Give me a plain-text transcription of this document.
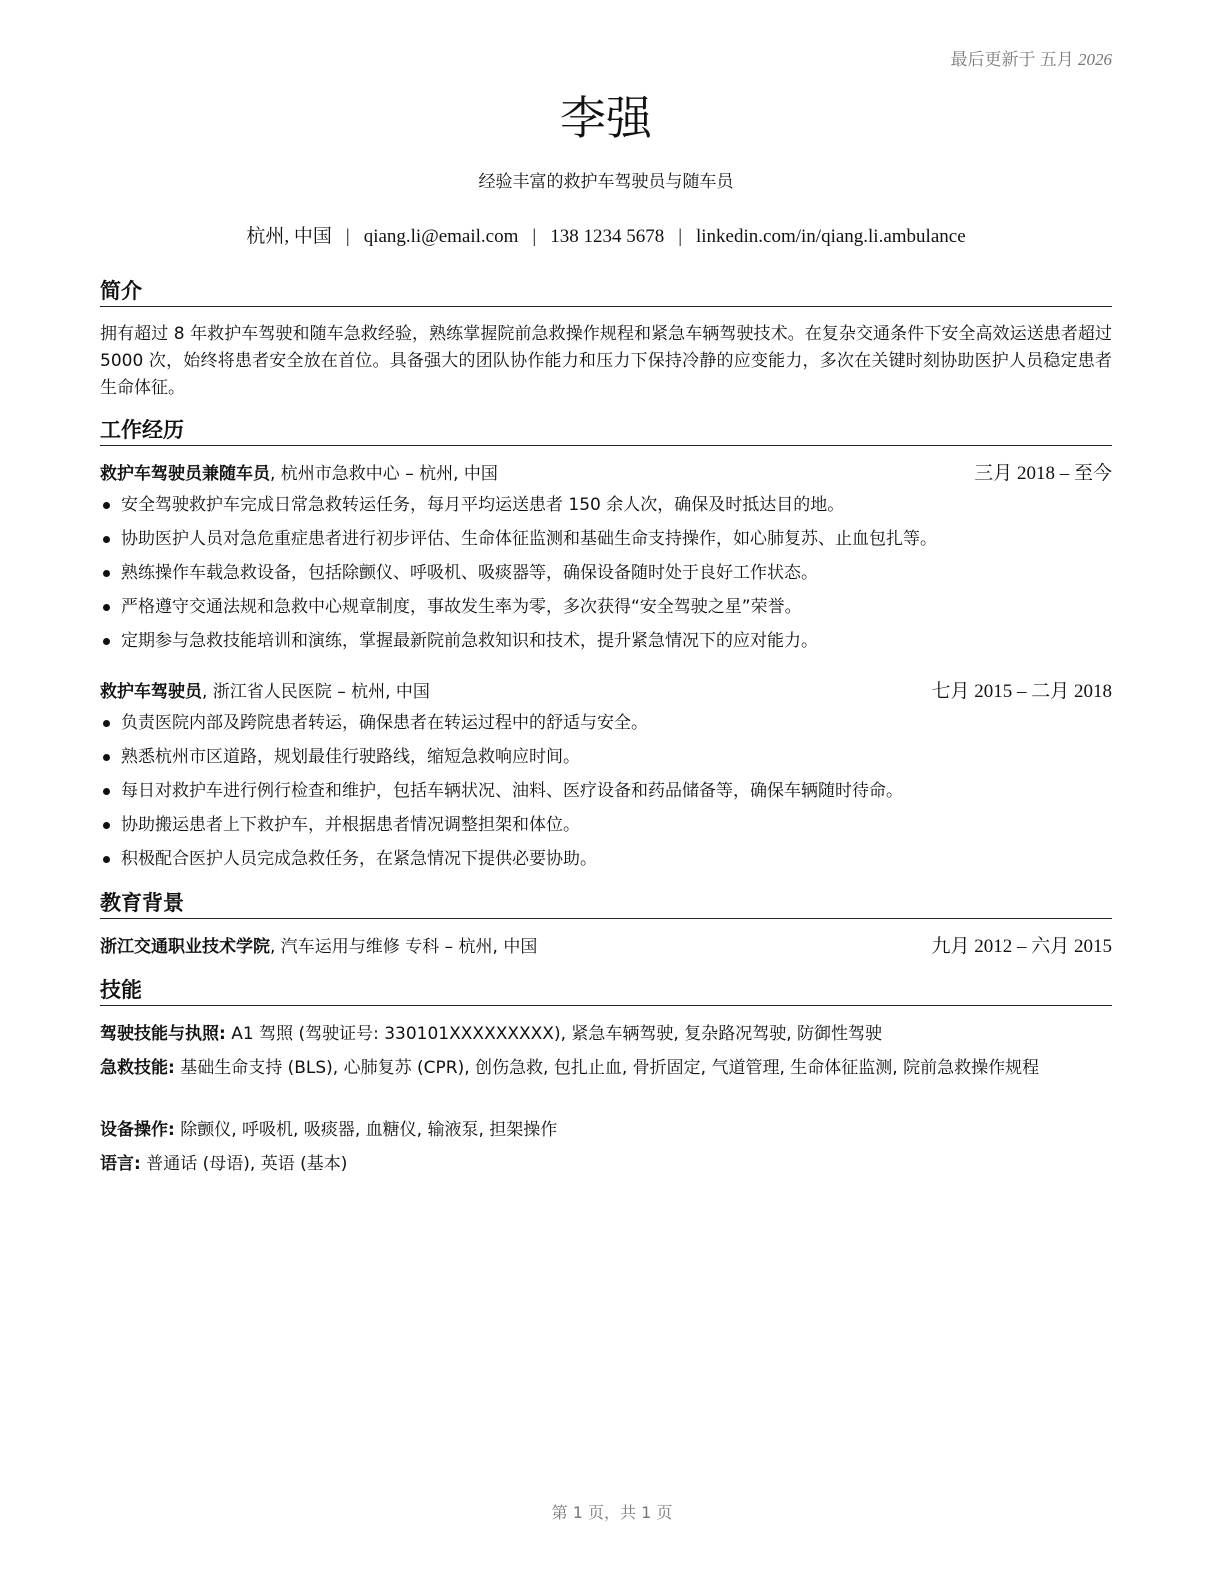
最后更新于 五月 2026
李强
经验丰富的救护车驾驶员与随车员
杭州, 中国 | qiang.li@email.com | 138 1234 5678 | linkedin.com/in/qiang.li.ambulance
简介
拥有超过 8 年救护车驾驶和随车急救经验，熟练掌握院前急救操作规程和紧急车辆驾驶技术。在复杂交通条件下安全高效运送患者超过 5000 次，始终将患者安全放在首位。具备强大的团队协作能力和压力下保持冷静的应变能力，多次在关键时刻协助医护人员稳定患者生命体征。
工作经历
救护车驾驶员兼随车员, 杭州市急救中心 – 杭州, 中国	三月 2018 – 至今
安全驾驶救护车完成日常急救转运任务，每月平均运送患者 150 余人次，确保及时抵达目的地。
协助医护人员对急危重症患者进行初步评估、生命体征监测和基础生命支持操作，如心肺复苏、止血包扎等。
熟练操作车载急救设备，包括除颤仪、呼吸机、吸痰器等，确保设备随时处于良好工作状态。
严格遵守交通法规和急救中心规章制度，事故发生率为零，多次获得“安全驾驶之星”荣誉。
定期参与急救技能培训和演练，掌握最新院前急救知识和技术，提升紧急情况下的应对能力。
救护车驾驶员, 浙江省人民医院 – 杭州, 中国	七月 2015 – 二月 2018
负责医院内部及跨院患者转运，确保患者在转运过程中的舒适与安全。
熟悉杭州市区道路，规划最佳行驶路线，缩短急救响应时间。
每日对救护车进行例行检查和维护，包括车辆状况、油料、医疗设备和药品储备等，确保车辆随时待命。
协助搬运患者上下救护车，并根据患者情况调整担架和体位。
积极配合医护人员完成急救任务，在紧急情况下提供必要协助。
教育背景
浙江交通职业技术学院, 汽车运用与维修 专科 – 杭州, 中国	九月 2012 – 六月 2015
技能
驾驶技能与执照: A1 驾照 (驾驶证号: 330101XXXXXXXXX), 紧急车辆驾驶, 复杂路况驾驶, 防御性驾驶
急救技能: 基础生命支持 (BLS), 心肺复苏 (CPR), 创伤急救, 包扎止血, 骨折固定, 气道管理, 生命体征监测, 院前急救操作规程
设备操作: 除颤仪, 呼吸机, 吸痰器, 血糖仪, 输液泵, 担架操作
语言: 普通话 (母语), 英语 (基本)
第 1 页，共 1 页
